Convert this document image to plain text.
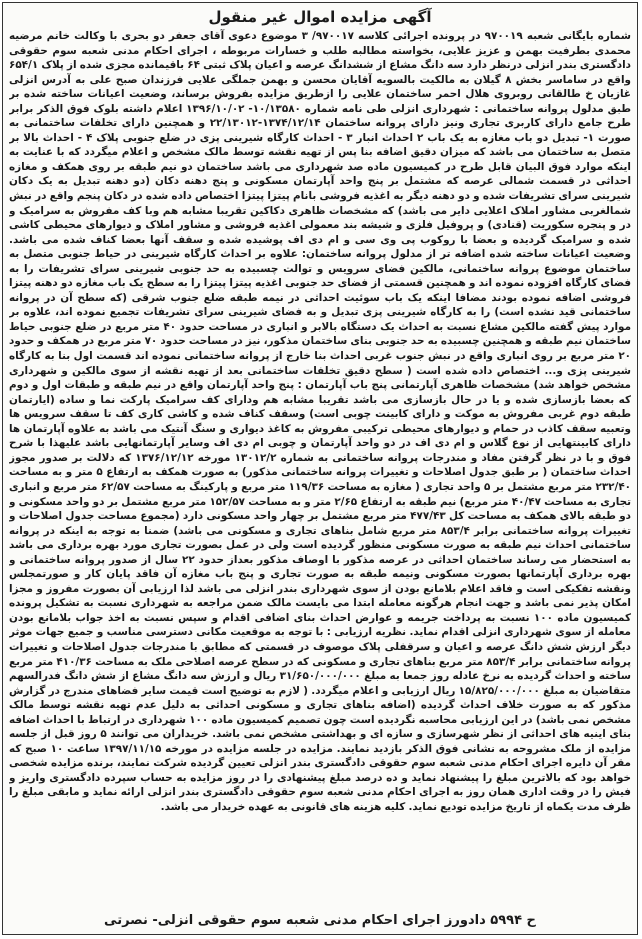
آگهی مزایده اموال غیر منقول
شماره بایگانی شعبه ۹۷۰۰۱۹ در پرونده اجرائی کلاسه ۹۷۰۰۱۷/ ۳ موضوع دعوی آقای جعفر دو بحری با وکالت خانم مرضیه محمدی بطرفیت بهمن و عزیز علایی، بخواسته مطالبه طلب و خسارات مربوطه ، اجرای احکام مدنی شعبه سوم حقوقی دادگستری بندر انزلی درنظر دارد سه دانگ مشاع از ششدانگ عرصه و اعیان پلاک ثبتی ۶۴ باقیمانده مجزی شده از پلاک ۶۵۴/۱ واقع در ساماسر بخش ۸ گیلان به مالکیت بالسویه آقایان محسن و بهمن جملگی علایی فرزندان صبح علی به آدرس انزلی غازیان خ طالقانی روبروی هلال احمر ساختمان علایی را ازطریق مزایده بفروش برساند، وضعیت اعیانات ساخته شده بر طبق مدلول پروانه ساختمانی : شهرداری انزلی طی نامه شماره ۱۰/۱۳۵۸۰- ۱۳۹۶/۱۰/۰۲ اعلام داشته بلوک فوق الذکر برابر طرح جامع دارای کاربری تجاری ونیز دارای پروانه ساختمان ۱۳۷۴/۱۲/۱۴-۲۲/۱۳۰۱۲ و همچنین دارای تخلفات ساختمانی به صورت ۱- تبدیل دو باب مغازه به یک باب ۲ احداث انبار ۳ - احداث کارگاه شیرینی پزی در ضلع جنوبی پلاک ۴ - احداث بالا بر متصل به ساختمان می باشد که میزان دقیق اضافه بنا پس از تهیه نقشه توسط مالک مشخص و اعلام میگردد که با عنایت به اینکه موارد فوق البیان قابل طرح در کمیسیون ماده صد شهرداری می باشد ساختمان دو نیم طبقه بر روی همکف و مغازه احداثی در قسمت شمالی عرصه که مشتمل بر پنج واحد آپارتمان مسکونی و پنج دهنه دکان (دو دهنه تبدیل به یک دکان شیرینی سرای تشریفات شده و دو دهنه دیگر به اغذیه فروشی بانام پیتزا پیتزا اختصاص داده شده در دکان پنجم واقع در نبش شمالغربی مشاور املاک اعلایی دایر می باشد) که مشخصات ظاهری دکاکین تقریبا مشابه هم وبا کف مفروش به سرامیک و در و پنجره سکوریت (قنادی) و پروفیل فلزی و شیشه بند معمولی اغذیه فروشی و مشاور املاک و دیوارهای محیطی کاشی شده و سرامیک گردیده و بعضا با روکوب پی وی سی و ام دی اف پوشیده شده و سقف آنها بعضا کناف شده می باشد. وضعیت اعیانات ساخته شده اضافه تر از مدلول پروانه ساختمان: علاوه بر احداث کارگاه شیرینی در حیاط جنوبی متصل به ساختمان موضوع پروانه ساختمانی، مالکین فضای سرویس و توالت چسبیده به حد جنوبی شیرینی سرای تشریفات را به فضای کارگاه افزوده نموده اند و همچنین قسمتی از فضای حد جنوبی اغذیه پیتزا پیتزا را به سطح یک باب مغازه دو دهنه پیتزا فروشی اضافه نموده بودند مضافا اینکه یک باب سوئیت احداثی در نیمه طبقه ضلع جنوب شرقی (که سطح آن در پروانه ساختمانی قید نشده است) را به کارگاه شیرینی پزی تبدیل و به فضای شیرینی سرای تشریفات تجمیع نموده اند، علاوه بر موارد پیش گفته مالکین مشاع نسبت به احداث یک دستگاه بالابر و انباری در مساحت حدود ۴۰ متر مربع در ضلع جنوبی حیاط ساختمان نیم طبقه و همچنین چسبیده به حد جنوبی بنای ساختمان مذکور، نیز در مساحت حدود ۷۰ متر مربع در همکف و حدود ۲۰ متر مربع بر روی انباری واقع در نبش جنوب غربی احداث بنا خارج از پروانه ساختمانی نموده اند قسمت اول بنا به کارگاه شیرینی پزی و... اختصاص داده شده است ( سطح دقیق تخلفات ساختمانی بعد از تهیه نقشه از سوی مالکین و شهرداری مشخص خواهد شد) مشخصات ظاهری آپارتمانی پنج باب آپارتمان : پنج واحد آپارتمان واقع در نیم طبقه و طبقات اول و دوم که بعضا بازسازی شده و یا در حال بازسازی می باشد تقریبا مشابه هم ودارای کف سرامیک پارکت نما و ساده (ایارتمان طبقه دوم غربی مفروش به موکت و دارای کابینت چوبی است) وسقف کناف شده و کاشی کاری کف تا سقف سرویس ها وتعبیه سقف کاذب در حمام و دیوارهای محیطی ترکیبی مفروش به کاغذ دیواری و سنگ آنتیک می باشد به علاوه آپارتمان ها دارای کابینتهایی از نوع گلاس و ام دی اف در دو واحد آپارتمان و چوبی ام دی اف وسایر آپارتمانهایی باشد علیهذا با شرح فوق و با در نظر گرفتن مفاد و مندرجات پروانه ساختمانی به شماره ۱۳۰۱۲/۲ مورخه ۱۳۷۶/۱۲/۱۲ که دلالت بر صدور مجوز احداث ساختمان ( بر طبق جدول اصلاحات و تغییرات پروانه ساختمانی مذکور) به صورت همکف به ارتفاع ۵ متر و به مساحت ۲۳۲/۴۰ متر مربع مشتمل بر ۵ واحد تجاری ( مغازه به مساحت ۱۱۹/۳۶ متر مربع و پارکینگ به مساحت ۶۲/۵۷ متر مربع و انباری تجاری به مساحت ۴۰/۴۷ متر مربع) نیم طبقه به ارتفاع ۲/۶۵ متر و به مساحت ۱۵۲/۵۷ متر مربع مشتمل بر دو واحد مسکونی و دو طبقه بالای همکف به مساحت کل ۴۷۷/۴۳ متر مربع مشتمل بر چهار واحد مسکونی دارد (مجموع مساحت جدول اصلاحات و تغییرات پروانه ساختمانی برابر ۸۵۳/۴ متر مربع شامل بناهای تجاری و مسکونی می باشد) ضمنا به توجه به اینکه در پروانه ساختمانی احداث نیم طبقه به صورت مسکونی منظور گردیده است ولی در عمل بصورت تجاری مورد بهره برداری می باشد به استحضار می رساند ساختمان احداثی در عرصه مذکور با اوصاف مذکور بعداز حدود ۲۲ سال از صدور پروانه ساختمانی و بهره برداری آپارتمانها بصورت مسکونی ونیمه طبقه به صورت تجاری و پنج باب مغازه آن فاقد پایان کار و صورتمجلس ونقشه تفکیکی است و فاقد اعلام بلامانع بودن از سوی شهرداری بندر انزلی می باشد لذا ارزیابی آن بصورت مفروز و مجزا امکان پذیر نمی باشد و جهت انجام هرگونه معامله ابتدا می بایست مالک ضمن مراجعه به شهرداری نسبت به تشکیل پرونده کمیسیون ماده ۱۰۰ نسبت به پرداخت جریمه و عوارض احداث بنای اضافی اقدام و سپس نسبت به اخذ جواب بلامانع بودن معامله از سوی شهرداری انزلی اقدام نماید. نظریه ارزیابی : با توجه به موقعیت مکانی دسترسی مناسب و جمیع جهات موثر دیگر ارزش شش دانگ عرصه و اعیان و سرقفلی پلاک موصوف در قسمتی که مطابق با مندرجات جدول اصلاحات و تغییرات پروانه ساختمانی برابر ۸۵۳/۴ متر مربع بناهای تجاری و مسکونی که در سطح عرصه اصلاحی ملک به مساحت ۴۱۰/۳۶ متر مربع ساخته و احداث گردیده به نرخ عادله روز جمعا به مبلغ ۳۱/۶۵۰/۰۰۰/۰۰۰ ریال و ارزش سه دانگ مشاع از شش دانگ فدرالسهم متقاضیان به مبلغ ۱۵/۸۲۵/۰۰۰/۰۰۰ ریال ارزیابی و اعلام میگردد. ( لازم به توضیح است قیمت سایر فضاهای مندرج در گزارش مذکور که به صورت خلاف احداث گردیده (اضافه بناهای تجاری و مسکونی احداثی به دلیل عدم تهیه نقشه توسط مالک مشخص نمی باشد) در این ارزیابی محاسبه نگردیده است چون تصمیم کمیسیون ماده ۱۰۰ شهرداری در ارتباط با احداث اضافه بنای اینیه های احداثی از نظر شهرسازی و سازه ای و بهداشتی مشخص نمی باشد. خریداران می توانند ۵ روز قبل از جلسه مزایده از ملک مشروحه به نشانی فوق الذکر بازدید نمایند. مزایده در جلسه مزایده در مورخه ۱۳۹۷/۱۱/۱۵ ساعت ۱۰ صبح که مقر آن دایره اجرای احکام مدنی شعبه سوم حقوقی دادگستری بندر انزلی تعیین گردیده شرکت نمایند، برنده مزایده شخصی خواهد بود که بالاترین مبلغ را پیشنهاد نماید و ده درصد مبلغ پیشنهادی را در روز مزایده به حساب سپرده دادگستری واریز و فیش را در وقت اداری همان روز به اجرای احکام مدنی شعبه سوم حقوقی دادگستری بندر انزلی ارائه نماید و مابقی مبلغ را ظرف مدت یکماه از تاریخ مزایده تودیع نماید. کلیه هزینه های قانونی به عهده خریدار می باشد.
ح ۵۹۹۴ دادورز اجرای احکام مدنی شعبه سوم حقوقی انزلی- نصرتی
